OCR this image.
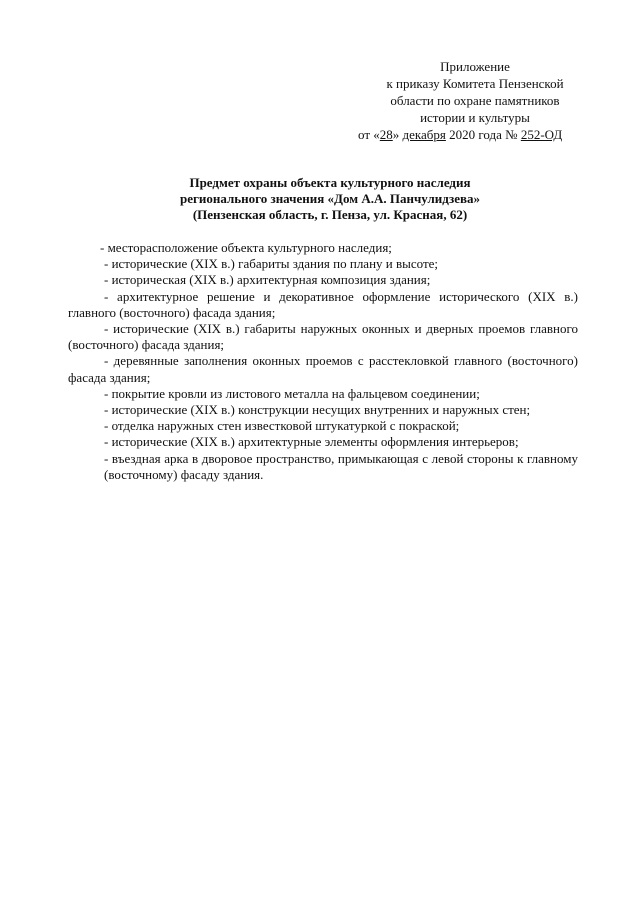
Приложение
к приказу Комитета Пензенской
области по охране памятников
истории и культуры
от «28» декабря 2020 года № 252-ОД
Предмет охраны объекта культурного наследия
регионального значения «Дом А.А. Панчулидзева»
(Пензенская область, г. Пенза, ул. Красная, 62)
- месторасположение объекта культурного наследия;
- исторические (XIX в.) габариты здания по плану и высоте;
- историческая (XIX в.) архитектурная композиция здания;
- архитектурное решение и декоративное оформление исторического (XIX в.) главного (восточного) фасада здания;
- исторические (XIX в.) габариты наружных оконных и дверных проемов главного (восточного) фасада здания;
- деревянные заполнения оконных проемов с расстекловкой главного (восточного) фасада здания;
- покрытие кровли из листового металла на фальцевом соединении;
- исторические (XIX в.) конструкции несущих внутренних и наружных стен;
- отделка наружных стен известковой штукатуркой с покраской;
- исторические (XIX в.) архитектурные элементы оформления интерьеров;
- въездная арка в дворовое пространство, примыкающая с левой стороны к главному (восточному) фасаду здания.
